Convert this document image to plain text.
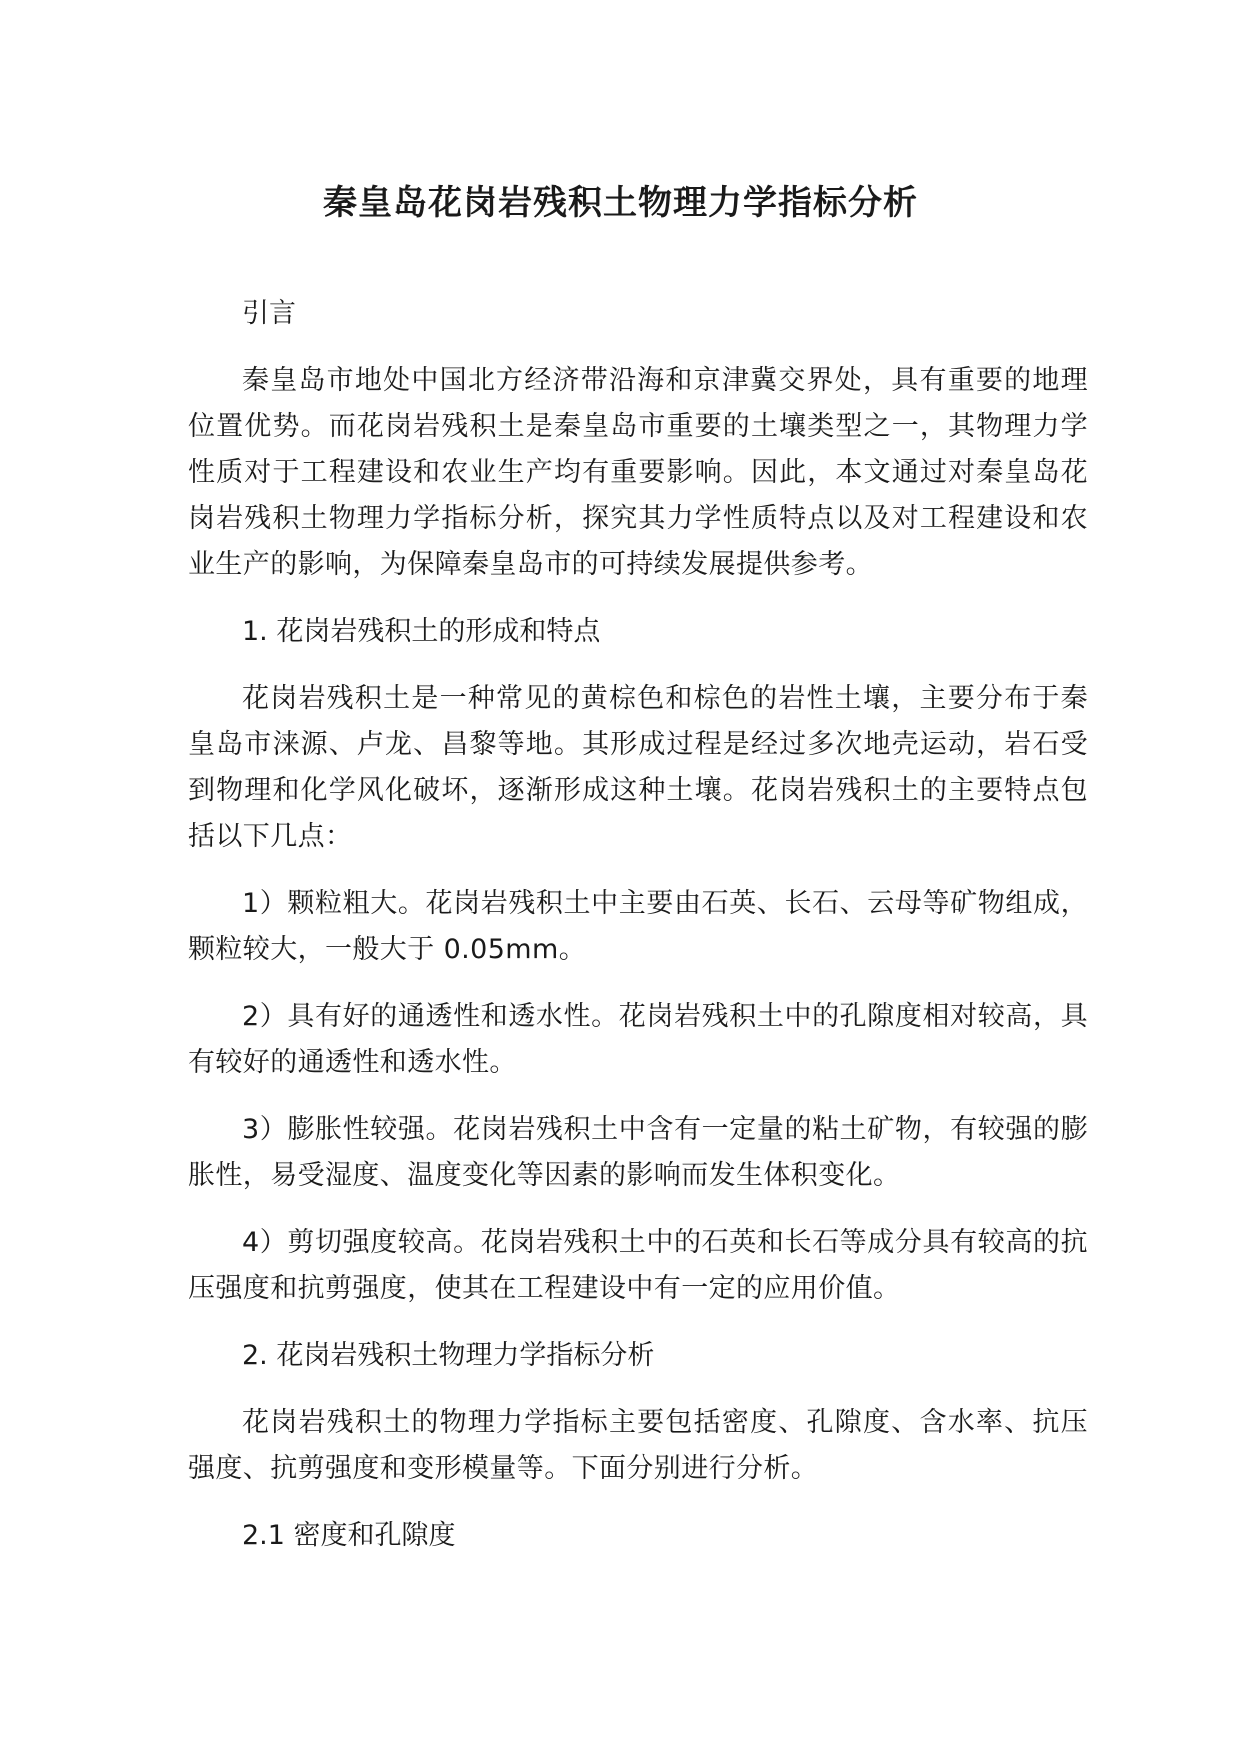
秦皇岛花岗岩残积土物理力学指标分析

引言

秦皇岛市地处中国北方经济带沿海和京津冀交界处，具有重要的地理位置优势。而花岗岩残积土是秦皇岛市重要的土壤类型之一，其物理力学性质对于工程建设和农业生产均有重要影响。因此，本文通过对秦皇岛花岗岩残积土物理力学指标分析，探究其力学性质特点以及对工程建设和农业生产的影响，为保障秦皇岛市的可持续发展提供参考。

1. 花岗岩残积土的形成和特点

花岗岩残积土是一种常见的黄棕色和棕色的岩性土壤，主要分布于秦皇岛市涞源、卢龙、昌黎等地。其形成过程是经过多次地壳运动，岩石受到物理和化学风化破坏，逐渐形成这种土壤。花岗岩残积土的主要特点包括以下几点：

1）颗粒粗大。花岗岩残积土中主要由石英、长石、云母等矿物组成，颗粒较大，一般大于 0.05mm。

2）具有好的通透性和透水性。花岗岩残积土中的孔隙度相对较高，具有较好的通透性和透水性。

3）膨胀性较强。花岗岩残积土中含有一定量的粘土矿物，有较强的膨胀性，易受湿度、温度变化等因素的影响而发生体积变化。

4）剪切强度较高。花岗岩残积土中的石英和长石等成分具有较高的抗压强度和抗剪强度，使其在工程建设中有一定的应用价值。

2. 花岗岩残积土物理力学指标分析

花岗岩残积土的物理力学指标主要包括密度、孔隙度、含水率、抗压强度、抗剪强度和变形模量等。下面分别进行分析。

2.1 密度和孔隙度
